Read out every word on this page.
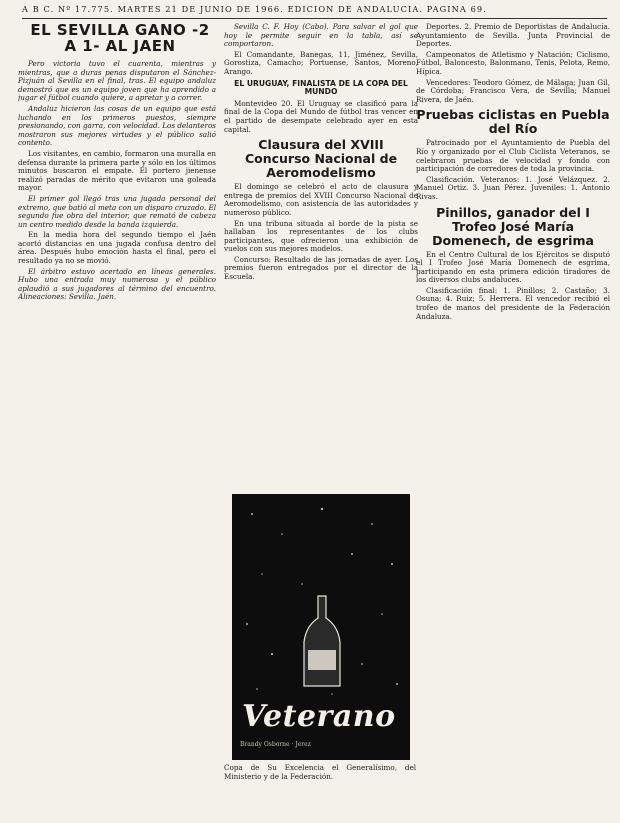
A B C. Nº 17.775. MARTES 21 DE JUNIO DE 1966. EDICION DE ANDALUCIA. PAGINA 69.
EL SEVILLA GANO -2 A 1- AL JAEN

Pero victoria tuvo el cuarenta, mientras y mientras, que a duras penas disputaron el Sánchez-Pizjuán al Sevilla en el final, tras. El equipo andaluz demostró que es un equipo joven que ha aprendido a jugar el fútbol cuando quiere, a apretar y a correr.

Andaluz hicieron las cosas de un equipo que está luchando en los primeros puestos, siempre presionando, con garra, con velocidad. Los delanteros mostraron sus mejores virtudes y el público salió contento.

Los visitantes, en cambio, formaron una muralla en defensa durante la primera parte y sólo en los últimos minutos buscaron el empate. El portero jienense realizó paradas de mérito que evitaron una goleada mayor.

El primer gol llegó tras una jugada personal del extremo, que batió al meta con un disparo cruzado. El segundo fue obra del interior, que remató de cabeza un centro medido desde la banda izquierda.

En la media hora del segundo tiempo el Jaén acortó distancias en una jugada confusa dentro del área. Después hubo emoción hasta el final, pero el resultado ya no se movió.

El árbitro estuvo acertado en líneas generales. Hubo una entrada muy numerosa y el público aplaudió a sus jugadores al término del encuentro. Alineaciones: Sevilla. Jaén.

Sevilla C. F. Hoy (Cabo). Para salvar el gol que hoy le permite seguir en la tabla, así se comportaron.

El Comandante, Banegas, 11, Jiménez, Sevilla, Gorostiza, Camacho; Portuense, Santos, Moreno, Arango.

EL URUGUAY, FINALISTA DE LA COPA DEL MUNDO

Montevideo 20. El Uruguay se clasificó para la final de la Copa del Mundo de fútbol tras vencer en el partido de desempate celebrado ayer en esta capital.

Clausura del XVIII Concurso Nacional de Aeromodelismo

El domingo se celebró el acto de clausura y entrega de premios del XVIII Concurso Nacional de Aeromodelismo, con asistencia de las autoridades y numeroso público.

En una tribuna situada al borde de la pista se hallaban los representantes de los clubs participantes, que ofrecieron una exhibición de vuelos con sus mejores modelos.

Concurso: Resultado de las jornadas de ayer. Los premios fueron entregados por el director de la Escuela.

Veterano
Brandy Osborne · Jerez
Copa de Su Excelencia el Generalísimo, del Ministerio y de la Federación.

Deportes. 2. Premio de Deportistas de Andalucía. Ayuntamiento de Sevilla. Junta Provincial de Deportes.

Campeonatos de Atletismo y Natación; Ciclismo, Fútbol, Baloncesto, Balonmano, Tenis, Pelota, Remo, Hípica.

Vencedores: Teodoro Gómez, de Málaga; Juan Gil, de Córdoba; Francisco Vera, de Sevilla; Manuel Rivera, de Jaén.

Pruebas ciclistas en Puebla del Río

Patrocinado por el Ayuntamiento de Puebla del Río y organizado por el Club Ciclista Veteranos, se celebraron pruebas de velocidad y fondo con participación de corredores de toda la provincia.

Clasificación. Veteranos: 1. José Velázquez. 2. Manuel Ortiz. 3. Juan Pérez. Juveniles: 1. Antonio Rivas.

Pinillos, ganador del I Trofeo José María Domenech, de esgrima

En el Centro Cultural de los Ejércitos se disputó el I Trofeo José María Domenech de esgrima, participando en esta primera edición tiradores de los diversos clubs andaluces.

Clasificación final: 1. Pinillos; 2. Castaño; 3. Osuna; 4. Ruiz; 5. Herrera. El vencedor recibió el trofeo de manos del presidente de la Federación Andaluza.
